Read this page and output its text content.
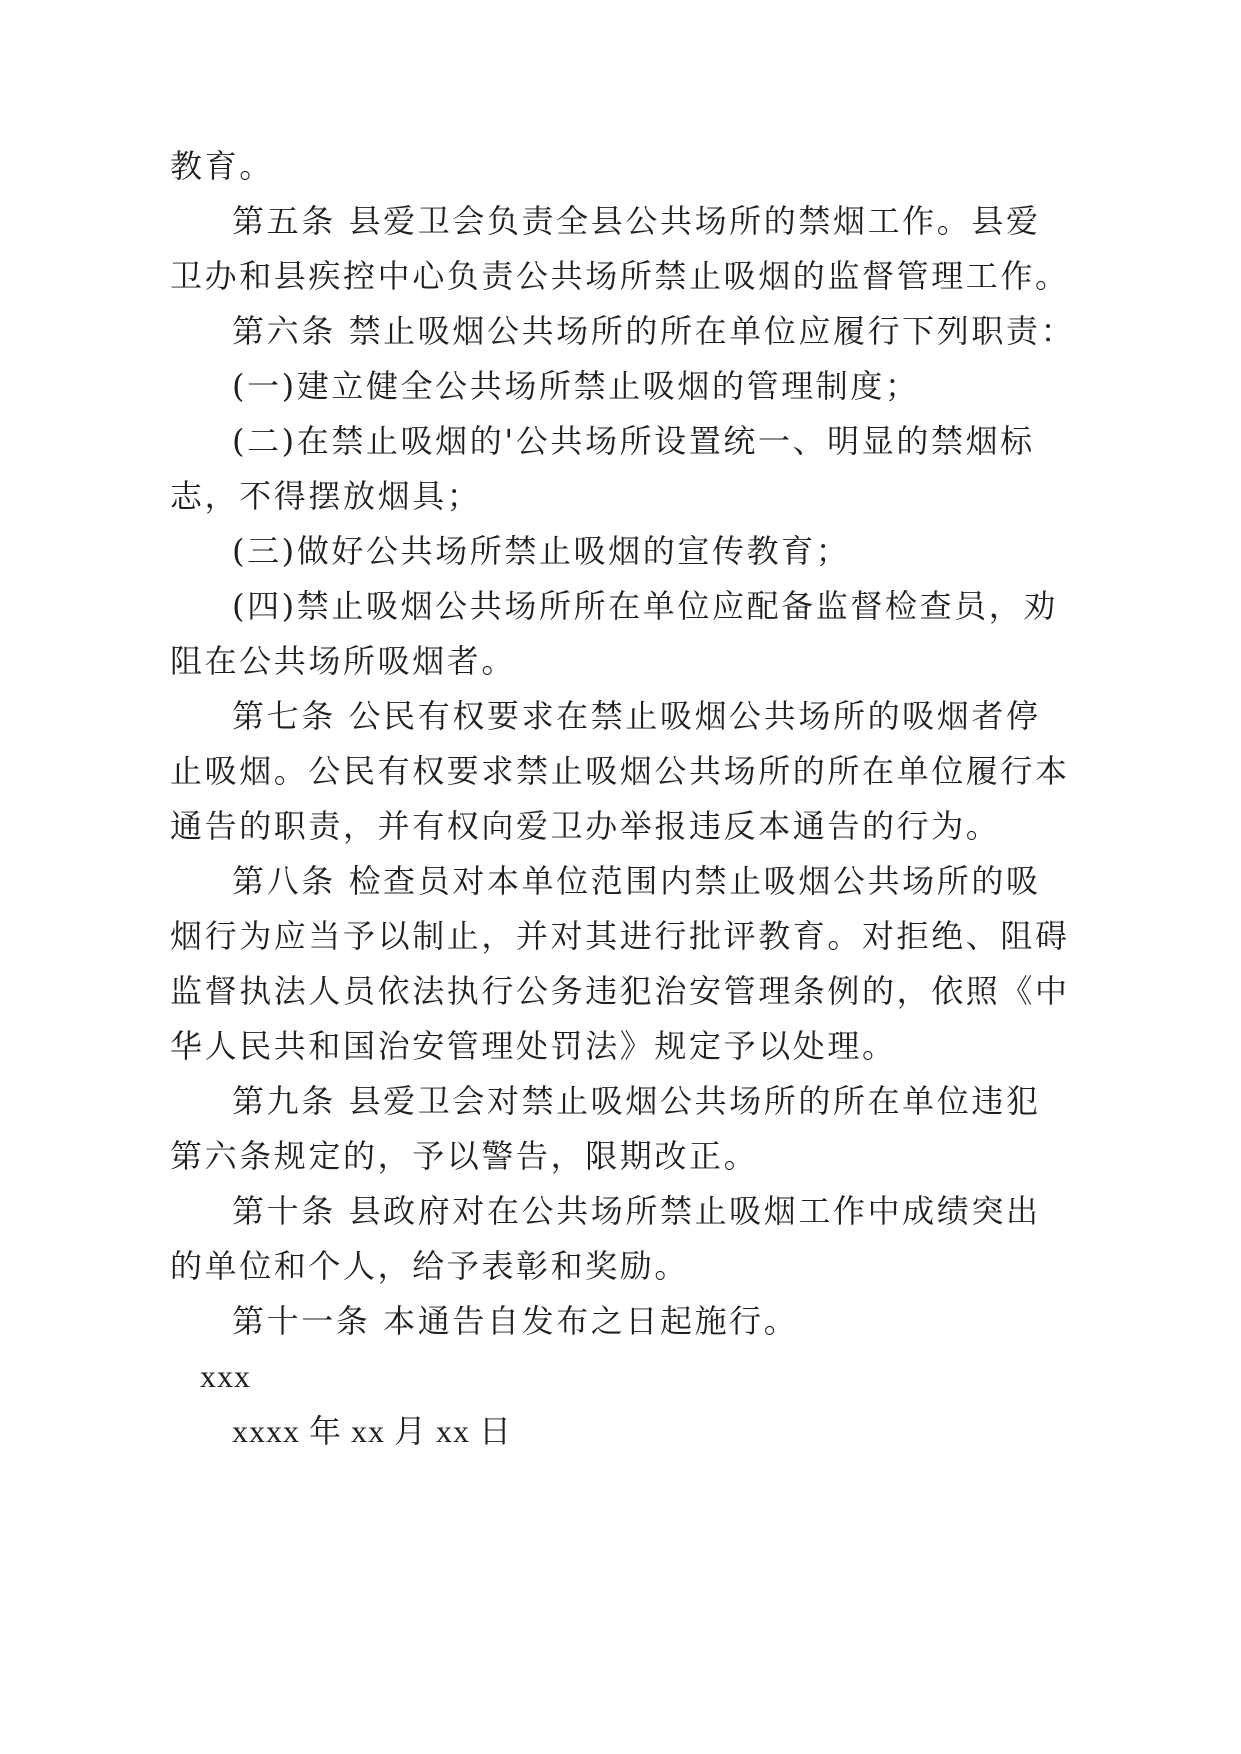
教育。

第五条 县爱卫会负责全县公共场所的禁烟工作。县爱

卫办和县疾控中心负责公共场所禁止吸烟的监督管理工作。

第六条 禁止吸烟公共场所的所在单位应履行下列职责：

(一)建立健全公共场所禁止吸烟的管理制度；

(二)在禁止吸烟的'公共场所设置统一、明显的禁烟标

志，不得摆放烟具；

(三)做好公共场所禁止吸烟的宣传教育；

(四)禁止吸烟公共场所所在单位应配备监督检查员，劝

阻在公共场所吸烟者。

第七条 公民有权要求在禁止吸烟公共场所的吸烟者停

止吸烟。公民有权要求禁止吸烟公共场所的所在单位履行本

通告的职责，并有权向爱卫办举报违反本通告的行为。

第八条 检查员对本单位范围内禁止吸烟公共场所的吸

烟行为应当予以制止，并对其进行批评教育。对拒绝、阻碍

监督执法人员依法执行公务违犯治安管理条例的，依照《中

华人民共和国治安管理处罚法》规定予以处理。

第九条 县爱卫会对禁止吸烟公共场所的所在单位违犯

第六条规定的，予以警告，限期改正。

第十条 县政府对在公共场所禁止吸烟工作中成绩突出

的单位和个人，给予表彰和奖励。

第十一条 本通告自发布之日起施行。

xxx

xxxx 年 xx 月 xx 日
